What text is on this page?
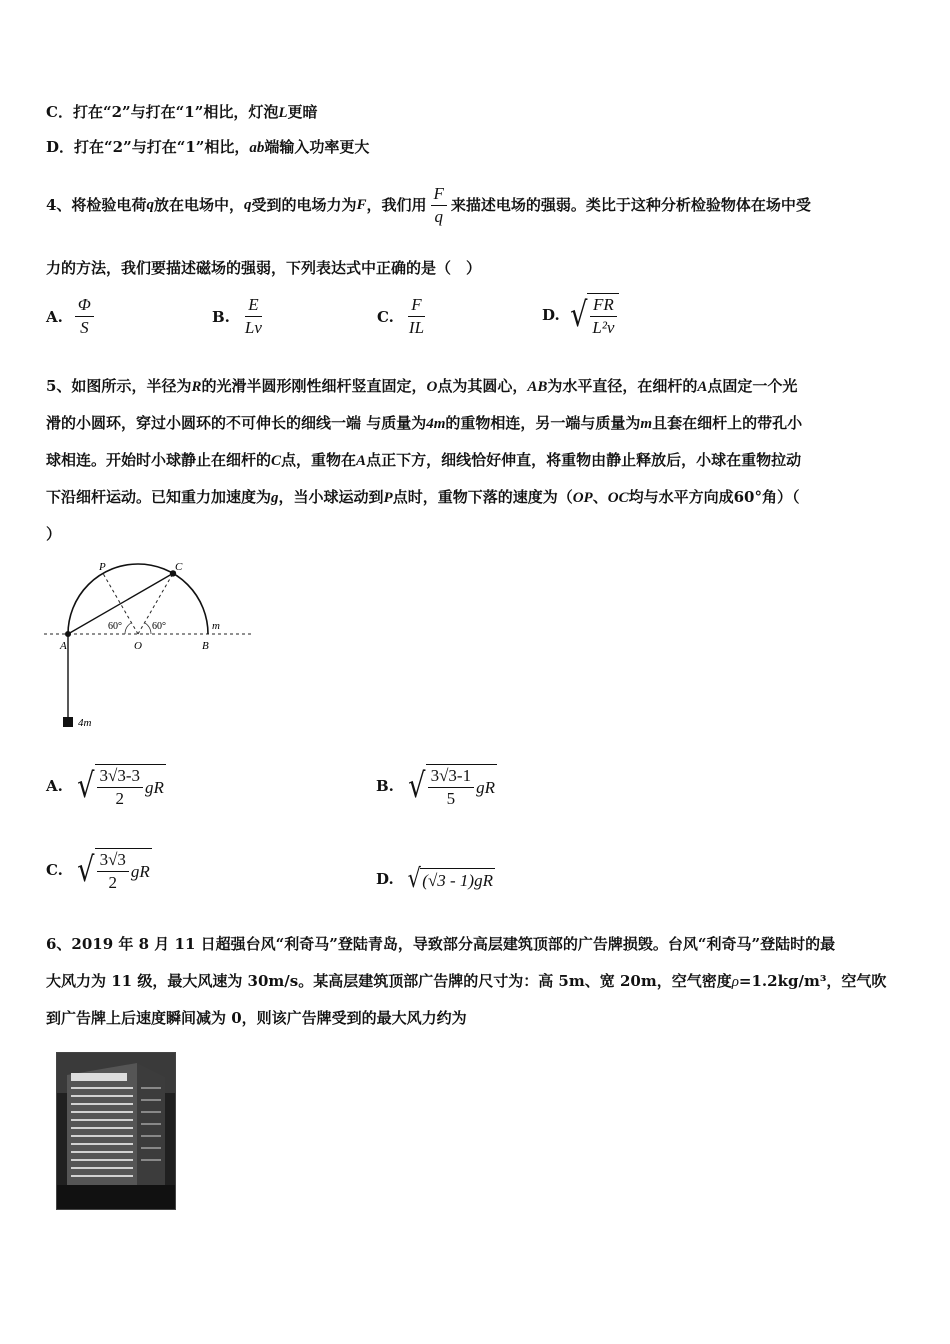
C．打在“2”与打在“1”相比，灯泡L更暗
D．打在“2”与打在“1”相比，ab端输入功率更大
4、将检验电荷 q 放在电场中， q 受到的电场力为 F ，我们用 $\frac{F}{q}$ 来描述电场的强弱。类比于这种分析检验物体在场中受
力的方法，我们要描述磁场的强弱，下列表达式中正确的是（　）
A. $\frac{\Phi}{S}$	B. $\frac{E}{Lv}$	C. $\frac{F}{IL}$	D. √ $\frac{FR}{\text{L²v}}$
5、如图所示，半径为R的光滑半圆形刚性细杆竖直固定，O点为其圆心，AB为水平直径，在细杆的A点固定一个光
滑的小圆环，穿过小圆环的不可伸长的细线一端 与质量为4m的重物相连，另一端与质量为m且套在细杆上的带孔小
球相连。开始时小球静止在细杆的C点，重物在A点正下方，细线恰好伸直，将重物由静止释放后，小球在重物拉动
下沿细杆运动。已知重力加速度为g，当小球运动到P点时，重物下落的速度为（OP、OC均与水平方向成60°角）（
）
P	C
A	O	B
m
60°	60°
4m
A. √ $\frac{3√3-3}{2}$ gR	B. √ $\frac{3√3-1}{5}$ gR
C. √ $\frac{3√3}{2}$ gR	D. √ (√3 - 1)gR
6、2019 年 8 月 11 日超强台风“利奇马”登陆青岛，导致部分高层建筑顶部的广告牌损毁。台风“利奇马”登陆时的最
大风力为 11 级，最大风速为 30m/s。某高层建筑顶部广告牌的尺寸为：高 5m、宽 20m，空气密度ρ=1.2kg/m³，空气吹
到广告牌上后速度瞬间减为 0，则该广告牌受到的最大风力约为
